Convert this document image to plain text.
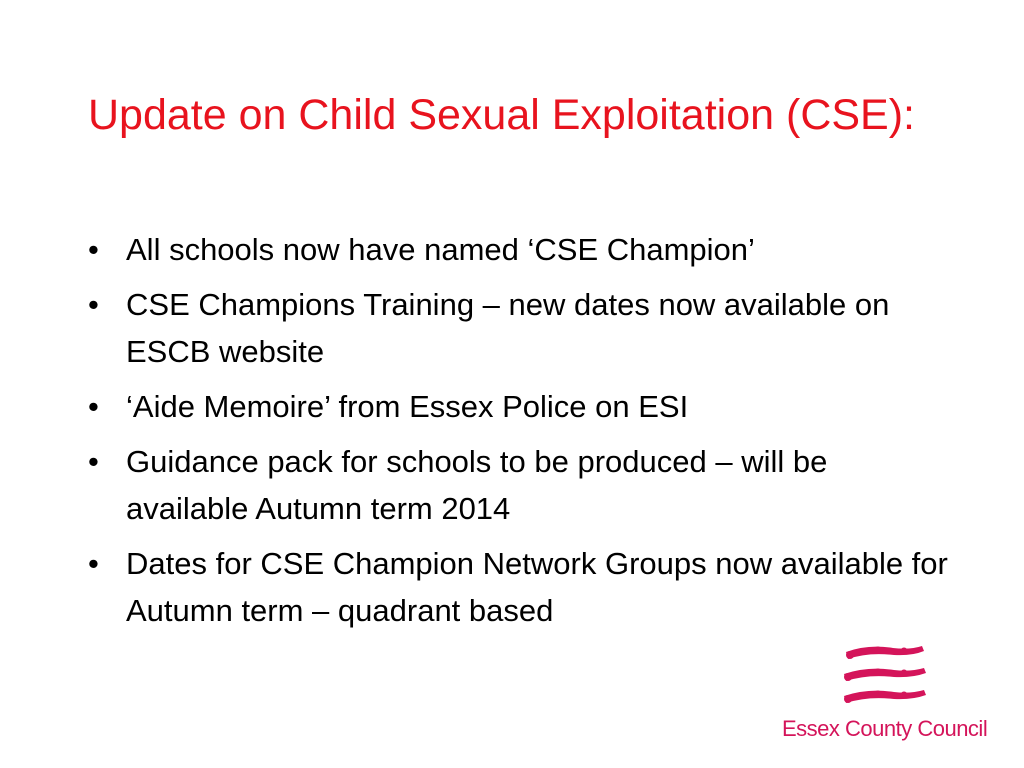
Update on Child Sexual Exploitation (CSE):
• All schools now have named ‘CSE Champion’
• CSE Champions Training – new dates now available on ESCB website
• ‘Aide Memoire’ from Essex Police on ESI
• Guidance pack for schools to be produced – will be available Autumn term 2014
• Dates for CSE Champion Network Groups now available for Autumn term – quadrant based
Essex County Council
